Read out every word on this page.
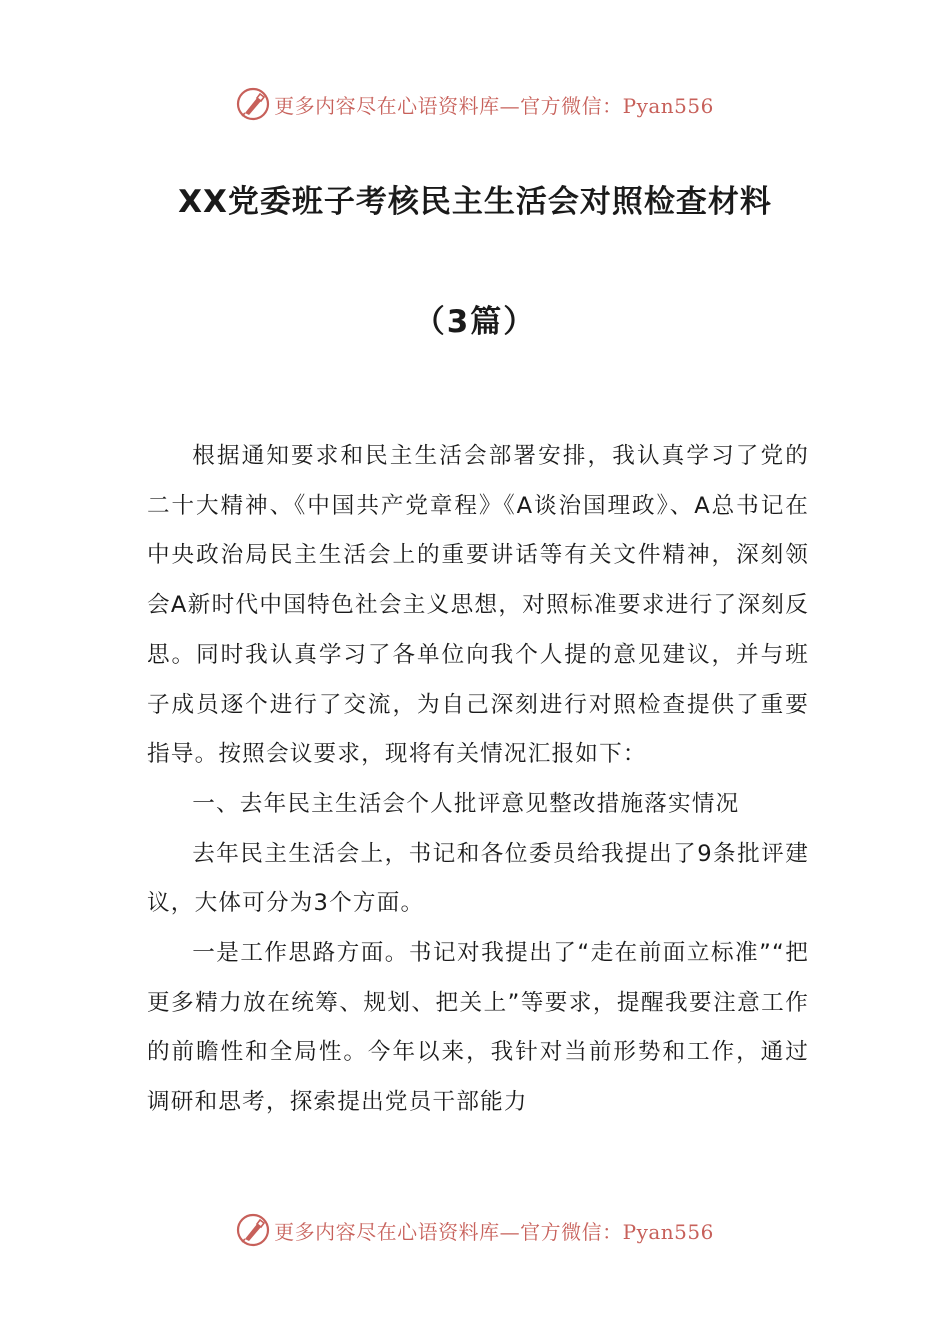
更多内容尽在心语资料库—官方微信：Pyan556
XX党委班子考核民主生活会对照检查材料
（3篇）

根据通知要求和民主生活会部署安排，我认真学习了党的二十大精神、《中国共产党章程》《A谈治国理政》、A总书记在中央政治局民主生活会上的重要讲话等有关文件精神，深刻领会A新时代中国特色社会主义思想，对照标准要求进行了深刻反思。同时我认真学习了各单位向我个人提的意见建议，并与班子成员逐个进行了交流，为自己深刻进行对照检查提供了重要指导。按照会议要求，现将有关情况汇报如下：

一、去年民主生活会个人批评意见整改措施落实情况

去年民主生活会上，书记和各位委员给我提出了9条批评建议，大体可分为3个方面。

一是工作思路方面。书记对我提出了“走在前面立标准”“把更多精力放在统筹、规划、把关上”等要求，提醒我要注意工作的前瞻性和全局性。今年以来，我针对当前形势和工作，通过调研和思考，探索提出党员干部能力

更多内容尽在心语资料库—官方微信：Pyan556
